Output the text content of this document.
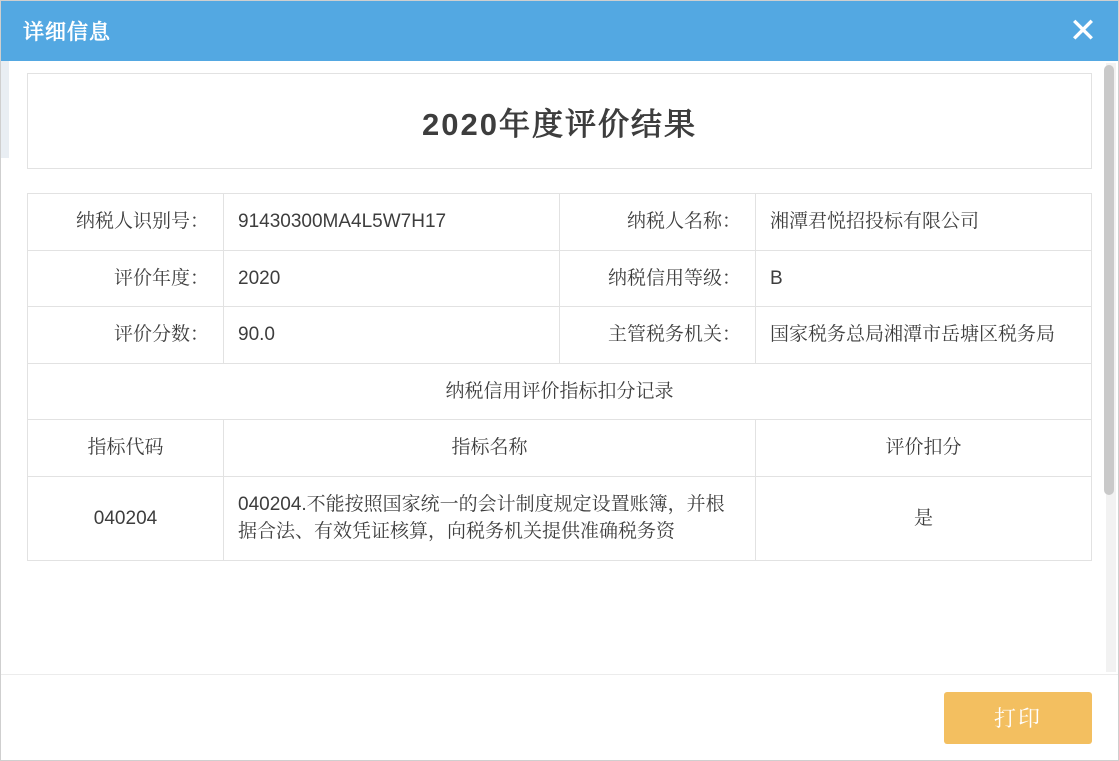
详细信息	✕
2020年度评价结果
纳税人识别号：	91430300MA4L5W7H17	纳税人名称：	湘潭君悦招投标有限公司
评价年度：	2020	纳税信用等级：	B
评价分数：	90.0	主管税务机关：	国家税务总局湘潭市岳塘区税务局
纳税信用评价指标扣分记录			
指标代码	指标名称		评价扣分
040204	040204.不能按照国家统一的会计制度规定设置账簿，并根据合法、有效凭证核算，向税务机关提供准确税务资		是
打印
